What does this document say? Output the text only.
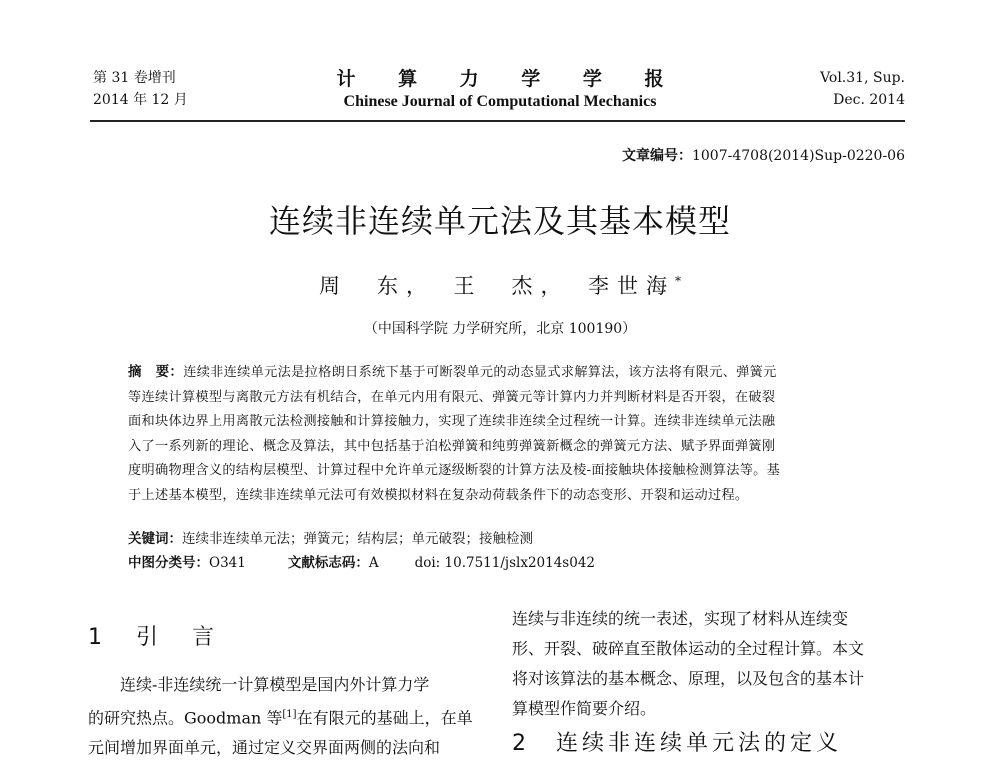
第 31 卷增刊
2014 年 12 月
计 算 力 学 学 报
Chinese Journal of Computational Mechanics
Vol.31, Sup.
Dec. 2014
文章编号：1007-4708(2014)Sup-0220-06
连续非连续单元法及其基本模型
周　东，　王　杰，　李世海*
（中国科学院 力学研究所，北京 100190）
摘　要：连续非连续单元法是拉格朗日系统下基于可断裂单元的动态显式求解算法，该方法将有限元、弹簧元
等连续计算模型与离散元方法有机结合，在单元内用有限元、弹簧元等计算内力并判断材料是否开裂，在破裂
面和块体边界上用离散元法检测接触和计算接触力，实现了连续非连续全过程统一计算。连续非连续单元法融
入了一系列新的理论、概念及算法，其中包括基于泊松弹簧和纯剪弹簧新概念的弹簧元方法、赋予界面弹簧刚
度明确物理含义的结构层模型、计算过程中允许单元逐级断裂的计算方法及棱-面接触块体接触检测算法等。基
于上述基本模型，连续非连续单元法可有效模拟材料在复杂动荷载条件下的动态变形、开裂和运动过程。
关键词：连续非连续单元法；弹簧元；结构层；单元破裂；接触检测
中图分类号：O341	文献标志码：A	doi: 10.7511/jslx2014s042
1　引　言
连续-非连续统一计算模型是国内外计算力学
的研究热点。Goodman 等[1]在有限元的基础上，在单
元间增加界面单元，通过定义交界面两侧的法向和
连续与非连续的统一表述，实现了材料从连续变
形、开裂、破碎直至散体运动的全过程计算。本文
将对该算法的基本概念、原理，以及包含的基本计
算模型作简要介绍。
2　连续非连续单元法的定义
